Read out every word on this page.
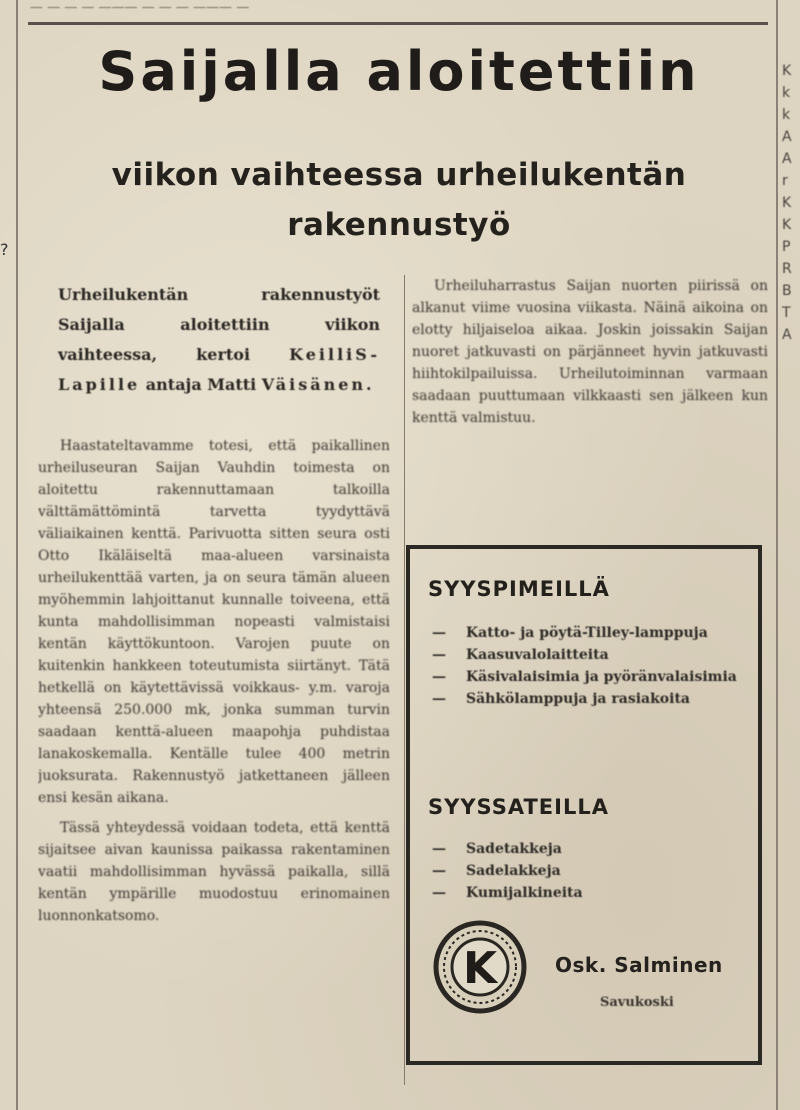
— — — — ——— — — — ——— —
?
K
k
k
A
A
r
K
K
P
R
B
T
A
Saijalla aloitettiin
viikon vaihteessa urheilukentän
rakennustyö
Urheilukentän rakennustyöt Saijalla aloitettiin viikon vaihteessa, kertoi KeilliS-Lapille antaja Matti Väisänen.

Haastateltavamme totesi, että paikallinen urheiluseuran Saijan Vauhdin toimesta on aloitettu rakennuttamaan talkoilla välttämättömintä tarvetta tyydyttävä väliaikainen kenttä. Parivuotta sitten seura osti Otto Ikäläiseltä maa-alueen varsinaista urheilukenttää varten, ja on seura tämän alueen myöhemmin lahjoittanut kunnalle toiveena, että kunta mahdollisimman nopeasti valmistaisi kentän käyttökuntoon. Varojen puute on kuitenkin hankkeen toteutumista siirtänyt. Tätä hetkellä on käytettävissä voikkaus- y.m. varoja yhteensä 250.000 mk, jonka summan turvin saadaan kenttä-alueen maapohja puhdistaa lanakoskemalla. Kentälle tulee 400 metrin juoksurata. Rakennustyö jatkettaneen jälleen ensi kesän aikana.

Tässä yhteydessä voidaan todeta, että kenttä sijaitsee aivan kaunissa paikassa rakentaminen vaatii mahdollisimman hyvässä paikalla, sillä kentän ympärille muodostuu erinomainen luonnonkatsomo.

Urheiluharrastus Saijan nuorten piirissä on alkanut viime vuosina viikasta. Näinä aikoina on elotty hiljaiseloa aikaa. Joskin joissakin Saijan nuoret jatkuvasti on pärjänneet hyvin jatkuvasti hiihtokilpailuissa. Urheilutoiminnan varmaan saadaan puuttumaan vilkkaasti sen jälkeen kun kenttä valmistuu.

SYYSPIMEILLÄ
— Katto- ja pöytä-Tilley-lamppuja
— Kaasuvalolaitteita
— Käsivalaisimia ja pyöränvalaisimia
— Sähkölamppuja ja rasiakoita
SYYSSATEILLA
— Sadetakkeja
— Sadelakkeja
— Kumijalkineita
K	Osk. Salminen
Savukoski
